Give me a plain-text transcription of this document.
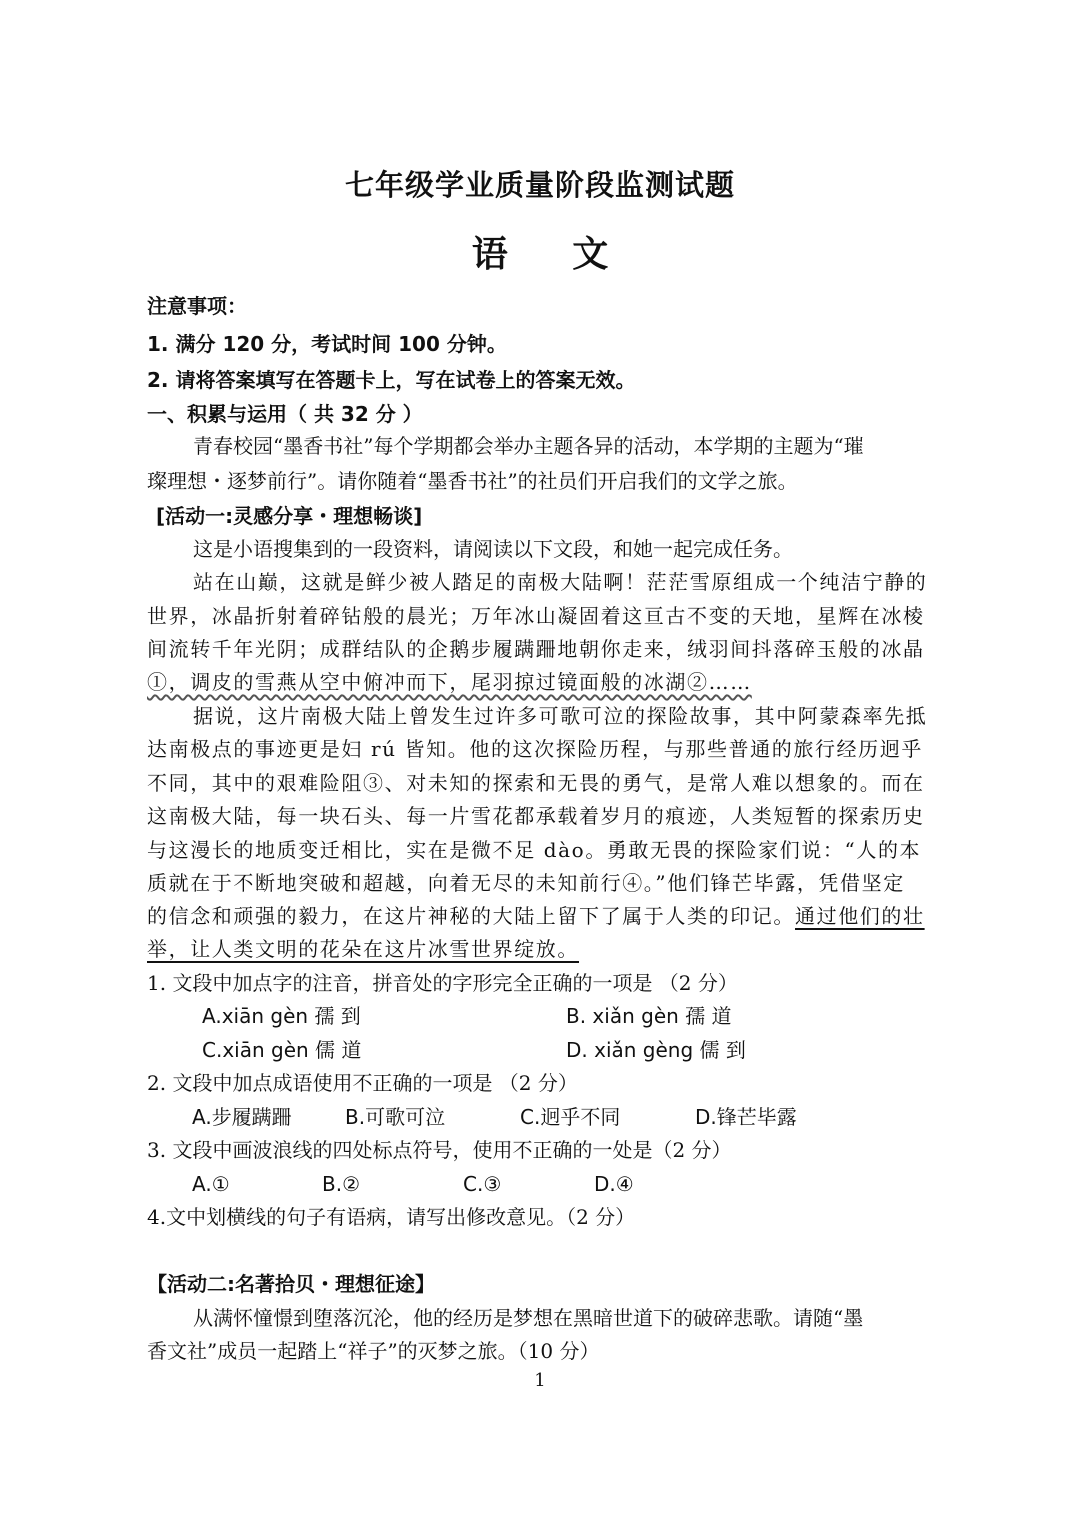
七年级学业质量阶段监测试题
语 文
注意事项：
1. 满分 120 分，考试时间 100 分钟。
2. 请将答案填写在答题卡上，写在试卷上的答案无效。
一、积累与运用（ 共 32 分 ）
青春校园“墨香书社”每个学期都会举办主题各异的活动，本学期的主题为“璀
璨理想・逐梦前行”。请你随着“墨香书社”的社员们开启我们的文学之旅。
[活动一:灵感分享・理想畅谈]
这是小语搜集到的一段资料，请阅读以下文段，和她一起完成任务。
站在山巅，这就是鲜少被人踏足的南极大陆啊！茫茫雪原组成一个纯洁宁静的
世界，冰晶折射着碎钻般的晨光；万年冰山凝固着这亘古不变的天地，星辉在冰棱
间流转千年光阴；成群结队的企鹅步履蹒跚地朝你走来，绒羽间抖落碎玉般的冰晶
①，调皮的雪燕从空中俯冲而下，尾羽掠过镜面般的冰湖②……
据说，这片南极大陆上曾发生过许多可歌可泣的探险故事，其中阿蒙森率先抵
达南极点的事迹更是妇 rú 皆知。他的这次探险历程，与那些普通的旅行经历迥乎
不同，其中的艰难险阻③、对未知的探索和无畏的勇气，是常人难以想象的。而在
这南极大陆，每一块石头、每一片雪花都承载着岁月的痕迹，人类短暂的探索历史
与这漫长的地质变迁相比，实在是微不足 dào。勇敢无畏的探险家们说：“人的本
质就在于不断地突破和超越，向着无尽的未知前行④。”他们锋芒毕露，凭借坚定
的信念和顽强的毅力，在这片神秘的大陆上留下了属于人类的印记。通过他们的壮
举，让人类文明的花朵在这片冰雪世界绽放。
1. 文段中加点字的注音，拼音处的字形完全正确的一项是 （2 分）
A.xiān gèn 孺 到	B. xiǎn gèn 孺 道
C.xiān gèn 儒 道	D. xiǎn gèng 儒 到
2. 文段中加点成语使用不正确的一项是 （2 分）
A.步履蹒跚	B.可歌可泣	C.迥乎不同	D.锋芒毕露
3. 文段中画波浪线的四处标点符号，使用不正确的一处是（2 分）
A.①	B.②	C.③	D.④
4.文中划横线的句子有语病，请写出修改意见。（2 分）
【活动二:名著拾贝・理想征途】
从满怀憧憬到堕落沉沦，他的经历是梦想在黑暗世道下的破碎悲歌。请随“墨
香文社”成员一起踏上“祥子”的灭梦之旅。（10 分）
1
